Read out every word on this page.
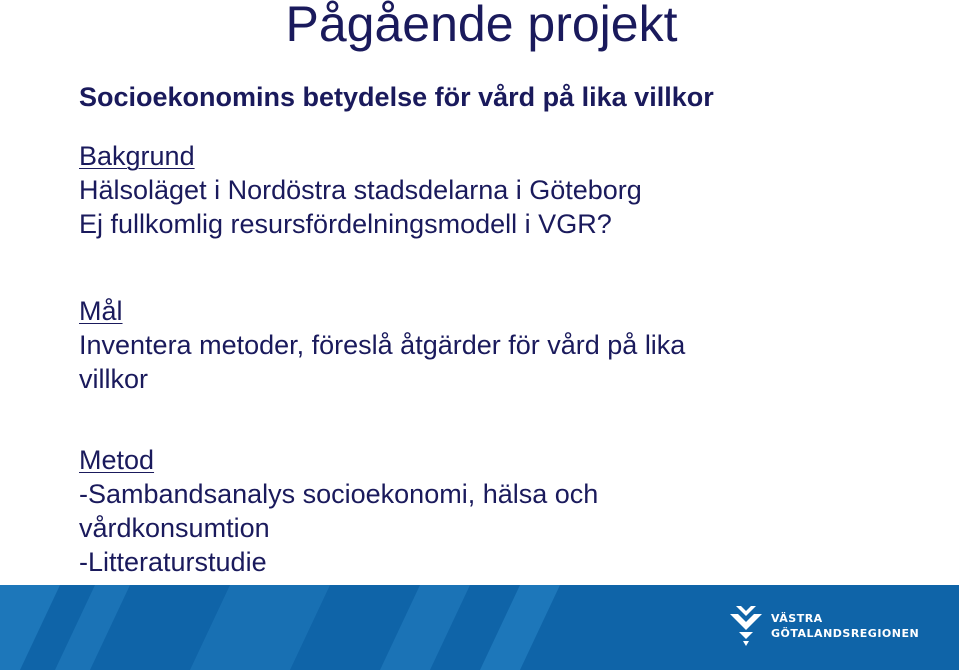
Pågående projekt

Socioekonomins betydelse för vård på lika villkor

Bakgrund
Hälsoläget i Nordöstra stadsdelarna i Göteborg
Ej fullkomlig resursfördelningsmodell i VGR?
Mål
Inventera metoder, föreslå åtgärder för vård på lika
villkor
Metod
-Sambandsanalys socioekonomi, hälsa och
vårdkonsumtion
-Litteraturstudie
VÄSTRA
GÖTALANDSREGIONEN
